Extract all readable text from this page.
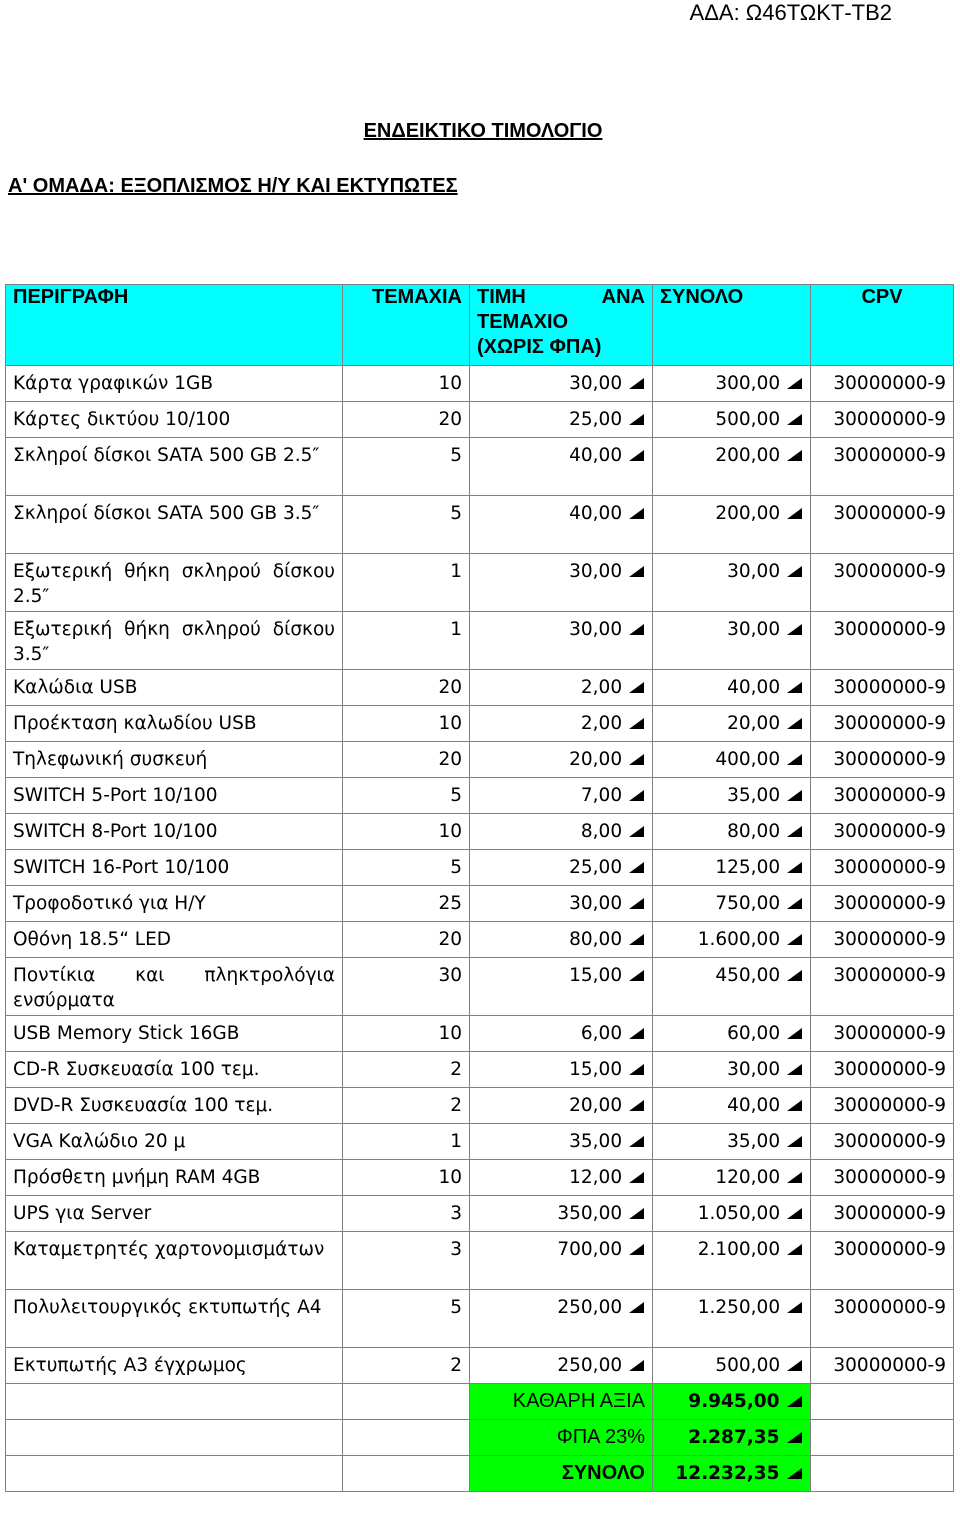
ΑΔΑ: Ω46ΤΩΚΤ-ΤΒ2
ΕΝΔΕΙΚΤΙΚΟ ΤΙΜΟΛΟΓΙΟ
Α' ΟΜΑΔΑ: ΕΞΟΠΛΙΣΜΟΣ Η/Υ ΚΑΙ ΕΚΤΥΠΩΤΕΣ
ΠΕΡΙΓΡΑΦΗ	ΤΕΜΑΧΙΑ	ΤΙΜΗ ΑΝΑ
ΤΕΜΑΧΙΟ
(ΧΩΡΙΣ ΦΠΑ)	ΣΥΝΟΛΟ	CPV
Κάρτα γραφικών 1GB	10	30,00	300,00	30000000-9
Κάρτες δικτύου 10/100	20	25,00	500,00	30000000-9
Σκληροί δίσκοι SATA 500 GB 2.5″	5	40,00	200,00	30000000-9
Σκληροί δίσκοι SATA 500 GB 3.5″	5	40,00	200,00	30000000-9
Εξωτερική θήκη σκληρού δίσκου 2.5″	1	30,00	30,00	30000000-9
Εξωτερική θήκη σκληρού δίσκου 3.5″	1	30,00	30,00	30000000-9
Καλώδια USB	20	2,00	40,00	30000000-9
Προέκταση καλωδίου USB	10	2,00	20,00	30000000-9
Τηλεφωνική συσκευή	20	20,00	400,00	30000000-9
SWITCH 5-Port 10/100	5	7,00	35,00	30000000-9
SWITCH 8-Port 10/100	10	8,00	80,00	30000000-9
SWITCH 16-Port 10/100	5	25,00	125,00	30000000-9
Τροφοδοτικό για Η/Υ	25	30,00	750,00	30000000-9
Οθόνη 18.5“ LED	20	80,00	1.600,00	30000000-9
Ποντίκια και πληκτρολόγια ενσύρματα	30	15,00	450,00	30000000-9
USB Memory Stick 16GB	10	6,00	60,00	30000000-9
CD-R Συσκευασία 100 τεμ.	2	15,00	30,00	30000000-9
DVD-R Συσκευασία 100 τεμ.	2	20,00	40,00	30000000-9
VGA Καλώδιο 20 μ	1	35,00	35,00	30000000-9
Πρόσθετη μνήμη RAM 4GB	10	12,00	120,00	30000000-9
UPS για Server	3	350,00	1.050,00	30000000-9
Καταμετρητές χαρτονομισμάτων	3	700,00	2.100,00	30000000-9
Πολυλειτουργικός εκτυπωτής A4	5	250,00	1.250,00	30000000-9
Εκτυπωτής A3 έγχρωμος	2	250,00	500,00	30000000-9
		ΚΑΘΑΡΗ ΑΞΙΑ	9.945,00	
		ΦΠΑ 23%	2.287,35	
		ΣΥΝΟΛΟ	12.232,35	
